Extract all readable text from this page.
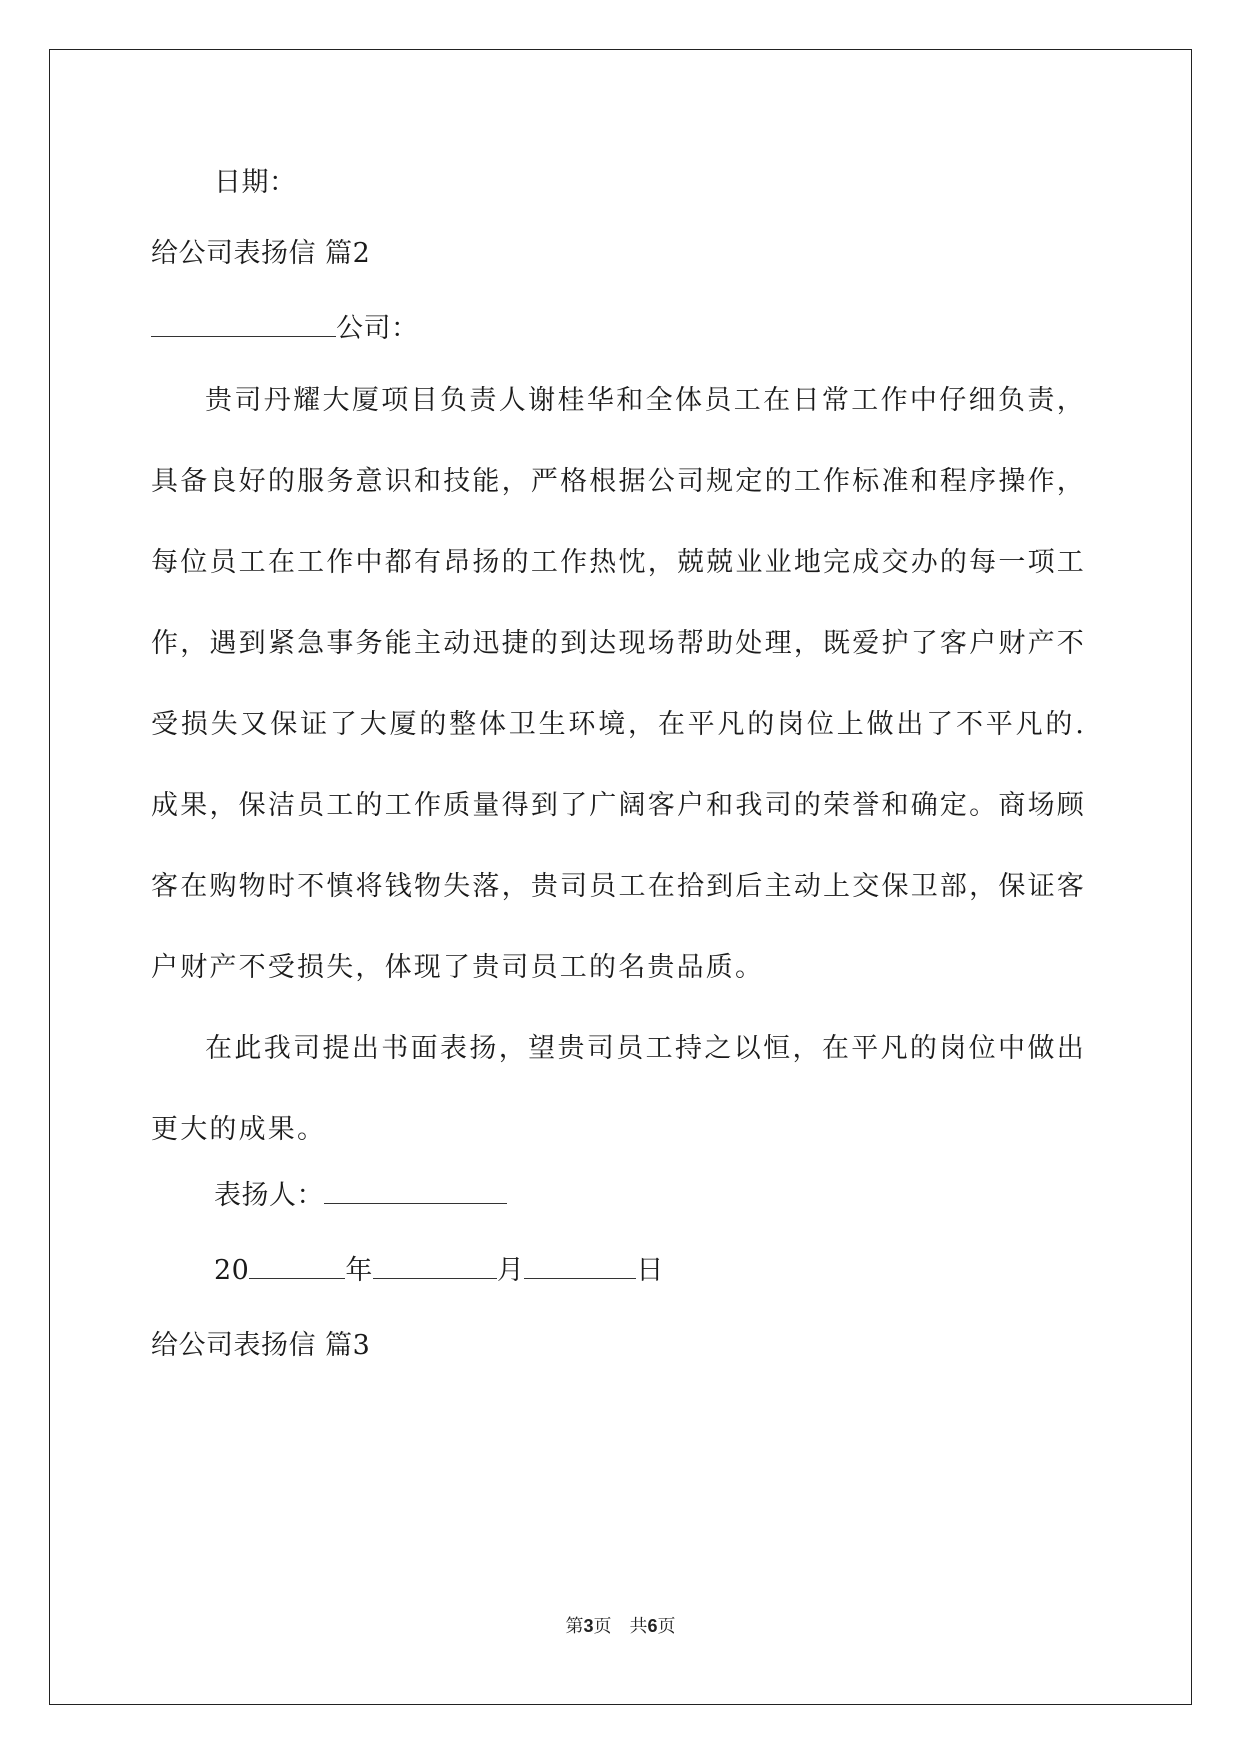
日期：
给公司表扬信 篇2
公司：
贵司丹耀大厦项目负责人谢桂华和全体员工在日常工作中仔细负责，具备良好的服务意识和技能，严格根据公司规定的工作标准和程序操作，每位员工在工作中都有昂扬的工作热忱，兢兢业业地完成交办的每一项工作，遇到紧急事务能主动迅捷的到达现场帮助处理，既爱护了客户财产不受损失又保证了大厦的整体卫生环境，在平凡的岗位上做出了不平凡的.成果，保洁员工的工作质量得到了广阔客户和我司的荣誉和确定。商场顾客在购物时不慎将钱物失落，贵司员工在拾到后主动上交保卫部，保证客户财产不受损失，体现了贵司员工的名贵品质。
在此我司提出书面表扬，望贵司员工持之以恒，在平凡的岗位中做出更大的成果。
表扬人：
20	年	月	日
给公司表扬信 篇3
第3页　共6页
